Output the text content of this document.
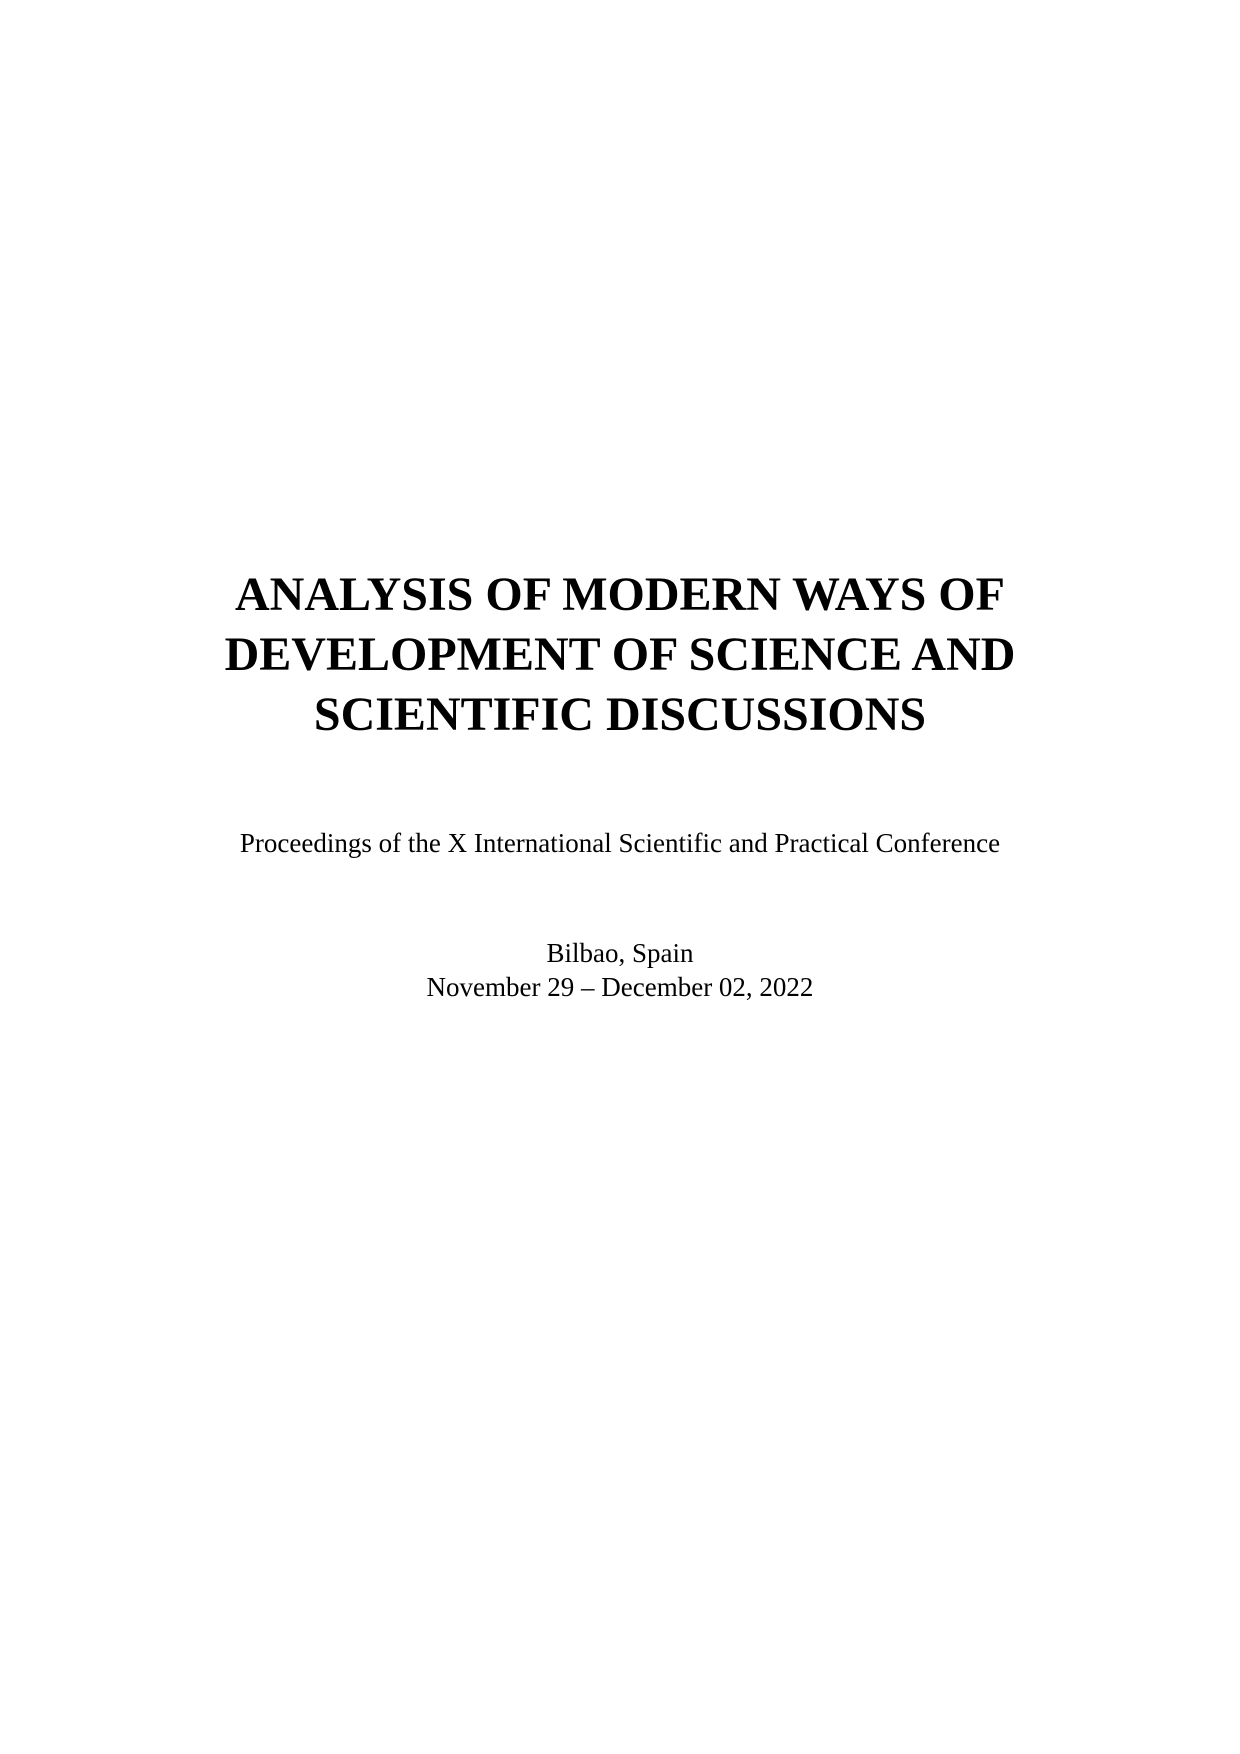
ANALYSIS OF MODERN WAYS OF
DEVELOPMENT OF SCIENCE AND
SCIENTIFIC DISCUSSIONS
Proceedings of the X International Scientific and Practical Conference
Bilbao, Spain
November 29 – December 02, 2022
